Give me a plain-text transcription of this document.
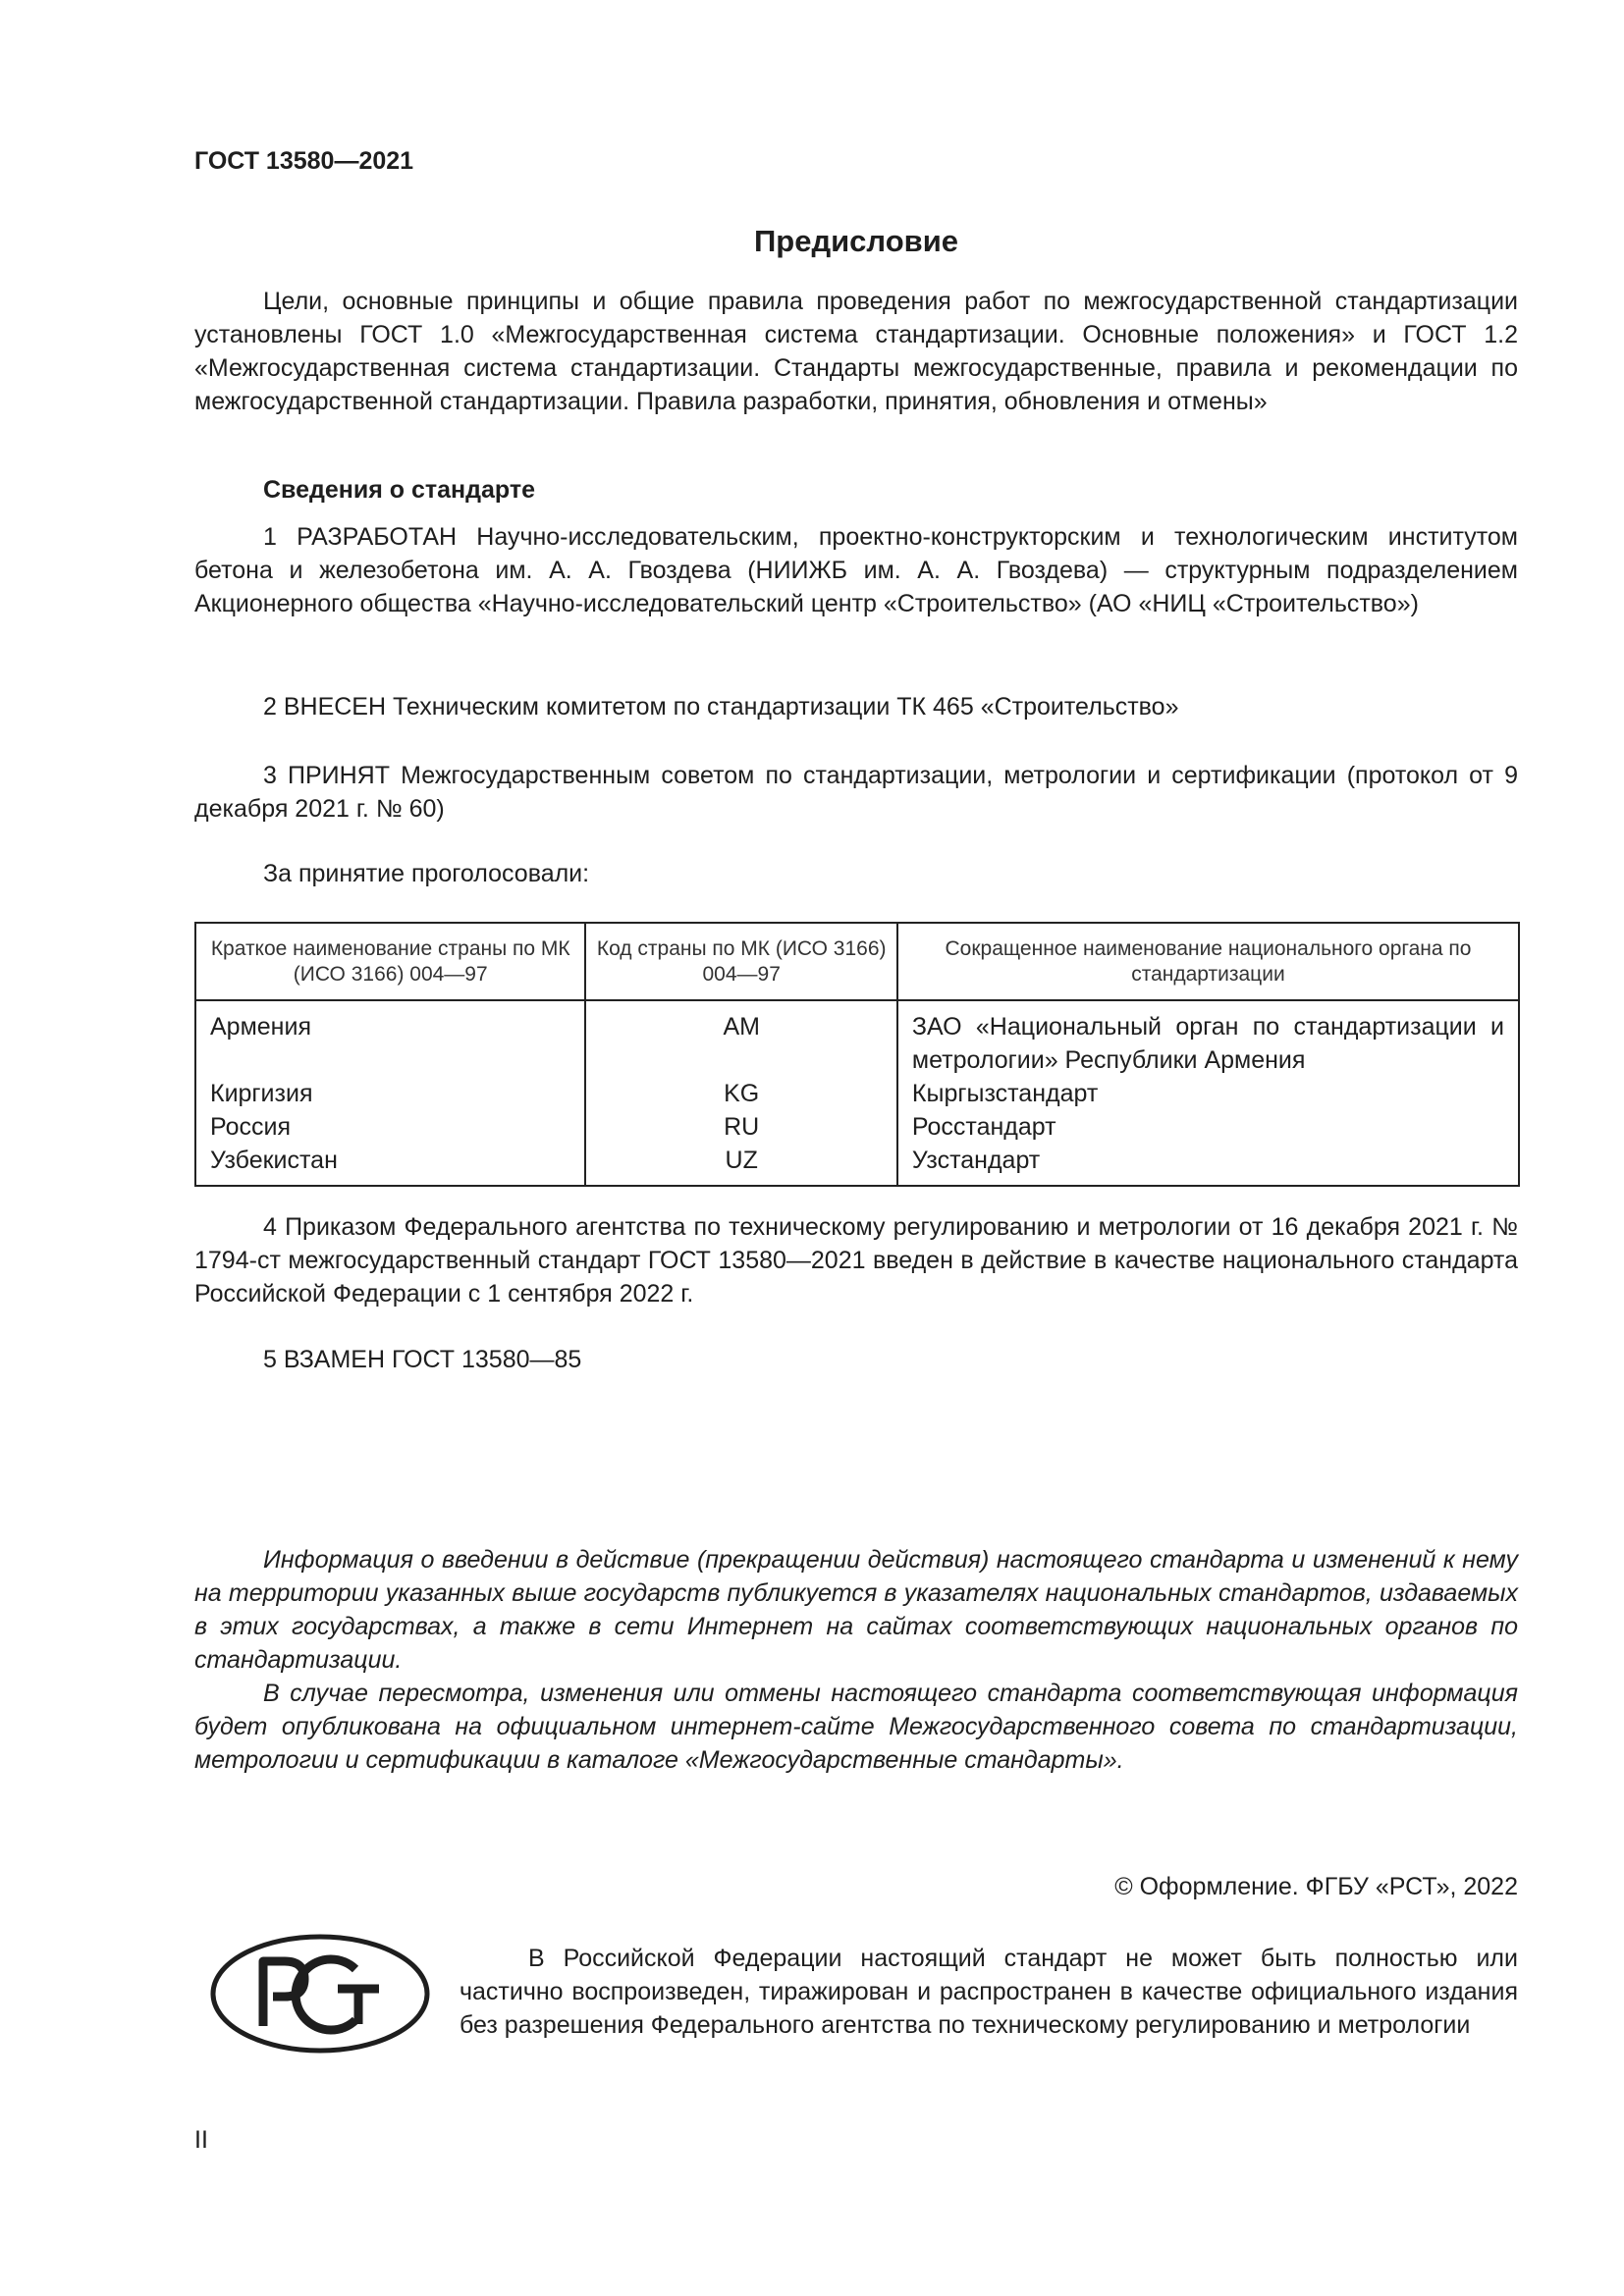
ГОСТ 13580—2021
Предисловие
Цели, основные принципы и общие правила проведения работ по межгосударственной стандартизации установлены ГОСТ 1.0 «Межгосударственная система стандартизации. Основные положения» и ГОСТ 1.2 «Межгосударственная система стандартизации. Стандарты межгосударственные, правила и рекомендации по межгосударственной стандартизации. Правила разработки, принятия, обновления и отмены»
Сведения о стандарте
1 РАЗРАБОТАН Научно-исследовательским, проектно-конструкторским и технологическим институтом бетона и железобетона им. А. А. Гвоздева (НИИЖБ им. А. А. Гвоздева) — структурным подразделением Акционерного общества «Научно-исследовательский центр «Строительство» (АО «НИЦ «Строительство»)
2 ВНЕСЕН Техническим комитетом по стандартизации ТК 465 «Строительство»
3 ПРИНЯТ Межгосударственным советом по стандартизации, метрологии и сертификации (протокол от 9 декабря 2021 г. № 60)
За принятие проголосовали:
Краткое наименование страны по МК (ИСО 3166) 004—97	Код страны по МК (ИСО 3166) 004—97	Сокращенное наименование национального органа по стандартизации
Армения	AM	ЗАО «Национальный орган по стандартизации и метрологии» Республики Армения
Киргизия	KG	Кыргызстандарт
Россия	RU	Росстандарт
Узбекистан	UZ	Узстандарт
4 Приказом Федерального агентства по техническому регулированию и метрологии от 16 декабря 2021 г. № 1794-ст межгосударственный стандарт ГОСТ 13580—2021 введен в действие в качестве национального стандарта Российской Федерации с 1 сентября 2022 г.
5 ВЗАМЕН ГОСТ 13580—85

Информация о введении в действие (прекращении действия) настоящего стандарта и изменений к нему на территории указанных выше государств публикуется в указателях национальных стандартов, издаваемых в этих государствах, а также в сети Интернет на сайтах соответствующих национальных органов по стандартизации.

В случае пересмотра, изменения или отмены настоящего стандарта соответствующая информация будет опубликована на официальном интернет-сайте Межгосударственного совета по стандартизации, метрологии и сертификации в каталоге «Межгосударственные стандарты».

© Оформление. ФГБУ «РСТ», 2022
В Российской Федерации настоящий стандарт не может быть полностью или частично воспроизведен, тиражирован и распространен в качестве официального издания без разрешения Федерального агентства по техническому регулированию и метрологии
II
